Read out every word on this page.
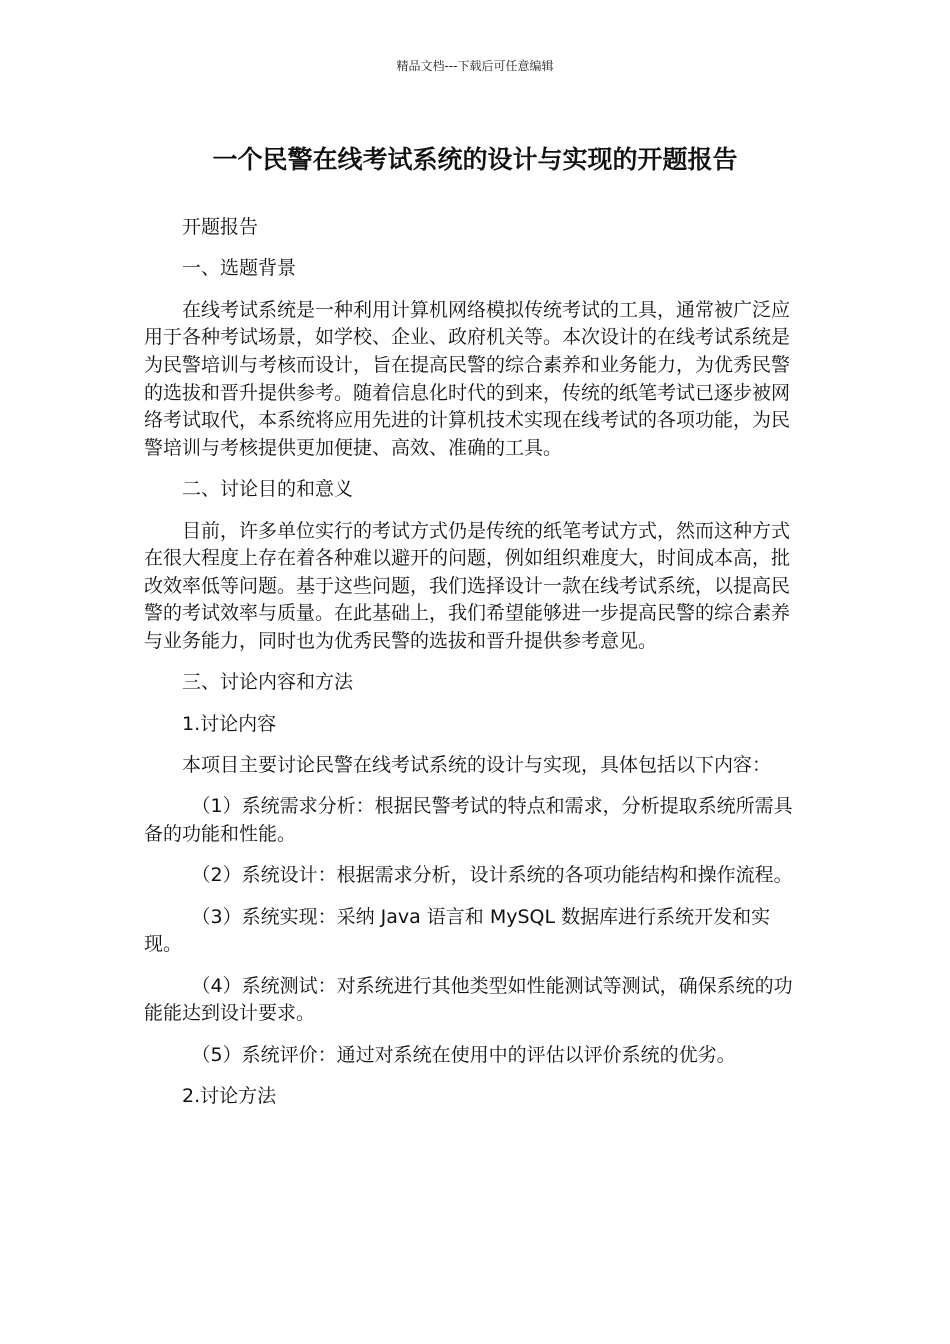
精品文档---下载后可任意编辑
一个民警在线考试系统的设计与实现的开题报告

开题报告

一、选题背景

在线考试系统是一种利用计算机网络模拟传统考试的工具，通常被广泛应用于各种考试场景，如学校、企业、政府机关等。本次设计的在线考试系统是为民警培训与考核而设计，旨在提高民警的综合素养和业务能力，为优秀民警的选拔和晋升提供参考。随着信息化时代的到来，传统的纸笔考试已逐步被网络考试取代，本系统将应用先进的计算机技术实现在线考试的各项功能，为民警培训与考核提供更加便捷、高效、准确的工具。

二、讨论目的和意义

目前，许多单位实行的考试方式仍是传统的纸笔考试方式，然而这种方式在很大程度上存在着各种难以避开的问题，例如组织难度大，时间成本高，批改效率低等问题。基于这些问题，我们选择设计一款在线考试系统，以提高民警的考试效率与质量。在此基础上，我们希望能够进一步提高民警的综合素养与业务能力，同时也为优秀民警的选拔和晋升提供参考意见。

三、讨论内容和方法

1.讨论内容

本项目主要讨论民警在线考试系统的设计与实现，具体包括以下内容：

（1）系统需求分析：根据民警考试的特点和需求，分析提取系统所需具备的功能和性能。

（2）系统设计：根据需求分析，设计系统的各项功能结构和操作流程。

（3）系统实现：采纳 Java 语言和 MySQL 数据库进行系统开发和实现。

（4）系统测试：对系统进行其他类型如性能测试等测试，确保系统的功能能达到设计要求。

（5）系统评价：通过对系统在使用中的评估以评价系统的优劣。

2.讨论方法
